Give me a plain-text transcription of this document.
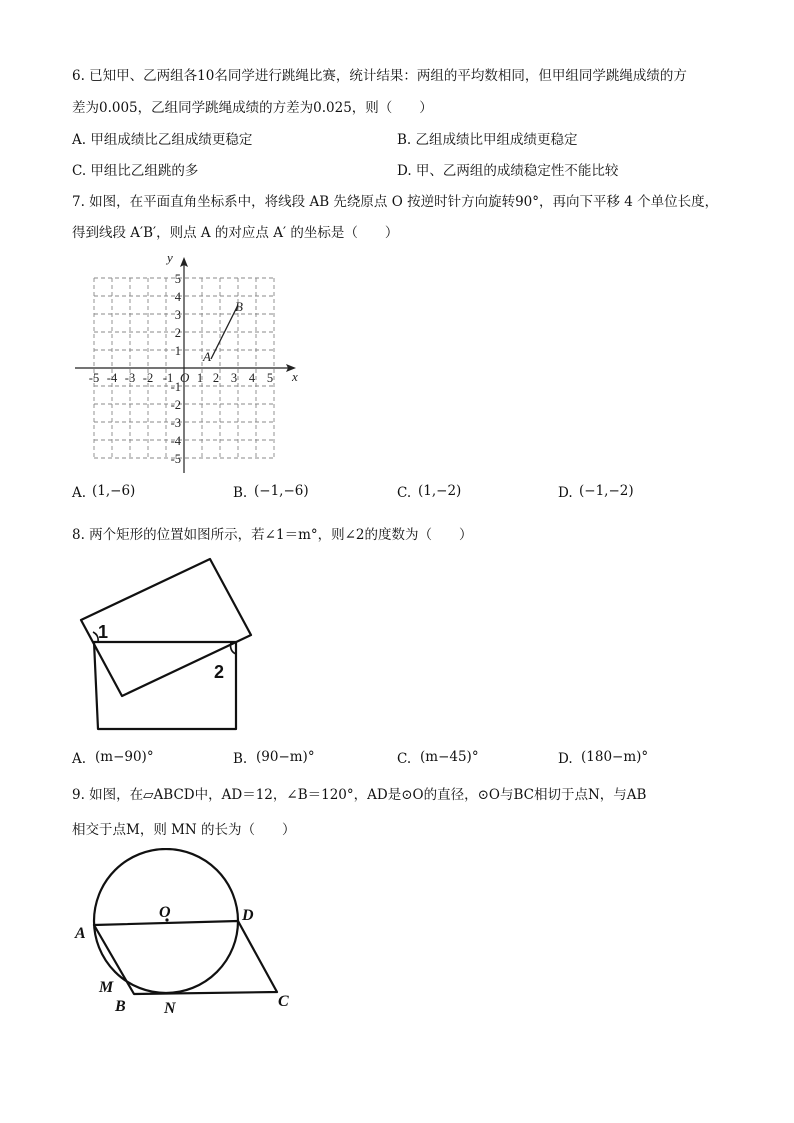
6. 已知甲、乙两组各10名同学进行跳绳比赛，统计结果：两组的平均数相同，但甲组同学跳绳成绩的方
差为0.005，乙组同学跳绳成绩的方差为0.025，则（　　）
A. 甲组成绩比乙组成绩更稳定	B. 乙组成绩比甲组成绩更稳定
C. 甲组比乙组跳的多	D. 甲、乙两组的成绩稳定性不能比较
7. 如图，在平面直角坐标系中，将线段 AB 先绕原点 O 按逆时针方向旋转90°，再向下平移 4 个单位长度，
得到线段 A′B′，则点 A 的对应点 A′ 的坐标是（　　）
x
y
O
A
B
-5 -4 -3 -2 -1 1 2 3 4 5
5
4
3
2
1
-1
-2
-3
-4
-5
A. (1,−6)	B. (−1,−6)	C. (1,−2)	D. (−1,−2)
8. 两个矩形的位置如图所示，若∠1＝m°，则∠2的度数为（　　）
1
2
A. (m−90)°	B. (90−m)°	C. (m−45)°	D. (180−m)°
9. 如图，在▱ABCD中，AD＝12，∠B＝120°，AD是⊙O的直径，⊙O与BC相切于点N，与AB
相交于点M，则 MN 的长为（　　）
A
D
O
M
B N	C
